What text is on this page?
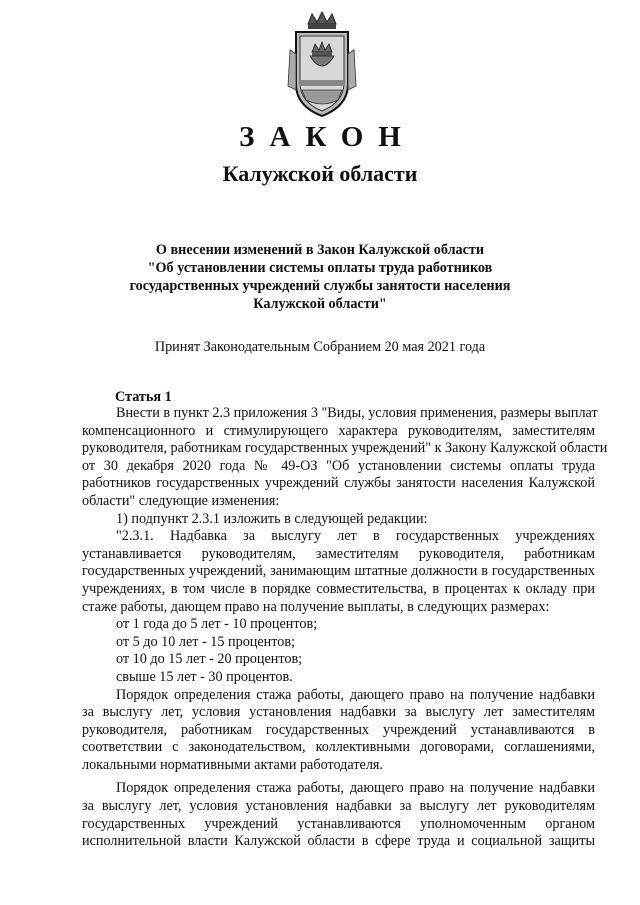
ЗАКОН
Калужской области
О внесении изменений в Закон Калужской области
"Об установлении системы оплаты труда работников
государственных учреждений службы занятости населения
Калужской области"
Принят Законодательным Собранием 20 мая 2021 года
Статья 1
Внести в пункт 2.3 приложения 3 "Виды, условия применения, размеры выплат
компенсационного и стимулирующего характера руководителям, заместителям
руководителя, работникам государственных учреждений" к Закону Калужской области
от 30 декабря 2020 года № 49-ОЗ "Об установлении системы оплаты труда
работников государственных учреждений службы занятости населения Калужской
области" следующие изменения:
1) подпункт 2.3.1 изложить в следующей редакции:
"2.3.1. Надбавка за выслугу лет в государственных учреждениях
устанавливается руководителям, заместителям руководителя, работникам
государственных учреждений, занимающим штатные должности в государственных
учреждениях, в том числе в порядке совместительства, в процентах к окладу при
стаже работы, дающем право на получение выплаты, в следующих размерах:
от 1 года до 5 лет - 10 процентов;
от 5 до 10 лет - 15 процентов;
от 10 до 15 лет - 20 процентов;
свыше 15 лет - 30 процентов.
Порядок определения стажа работы, дающего право на получение надбавки
за выслугу лет, условия установления надбавки за выслугу лет заместителям
руководителя, работникам государственных учреждений устанавливаются в
соответствии с законодательством, коллективными договорами, соглашениями,
локальными нормативными актами работодателя.
Порядок определения стажа работы, дающего право на получение надбавки
за выслугу лет, условия установления надбавки за выслугу лет руководителям
государственных учреждений устанавливаются уполномоченным органом
исполнительной власти Калужской области в сфере труда и социальной защиты
